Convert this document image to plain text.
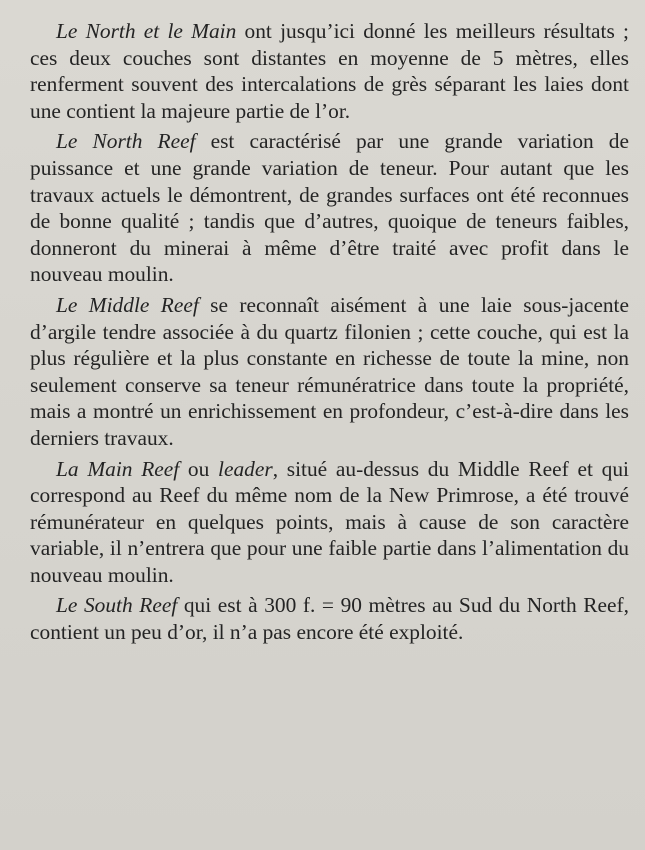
Le North et le Main ont jusqu’ici donné les meilleurs résultats ; ces deux couches sont distantes en moyenne de 5 mètres, elles renferment souvent des intercalations de grès séparant les laies dont une contient la majeure partie de l’or.

Le North Reef est caractérisé par une grande variation de puissance et une grande variation de teneur. Pour autant que les travaux actuels le démontrent, de grandes surfaces ont été reconnues de bonne qualité ; tandis que d’autres, quoique de teneurs faibles, donneront du minerai à même d’être traité avec profit dans le nouveau moulin.

Le Middle Reef se reconnaît aisément à une laie sous-jacente d’argile tendre associée à du quartz filonien ; cette couche, qui est la plus régulière et la plus constante en richesse de toute la mine, non seulement conserve sa teneur rémunératrice dans toute la propriété, mais a montré un enrichissement en profondeur, c’est-à-dire dans les derniers travaux.

La Main Reef ou leader, situé au-dessus du Middle Reef et qui correspond au Reef du même nom de la New Primrose, a été trouvé rémunérateur en quelques points, mais à cause de son caractère variable, il n’entrera que pour une faible partie dans l’alimentation du nouveau moulin.

Le South Reef qui est à 300 f. = 90 mètres au Sud du North Reef, contient un peu d’or, il n’a pas encore été exploité.
